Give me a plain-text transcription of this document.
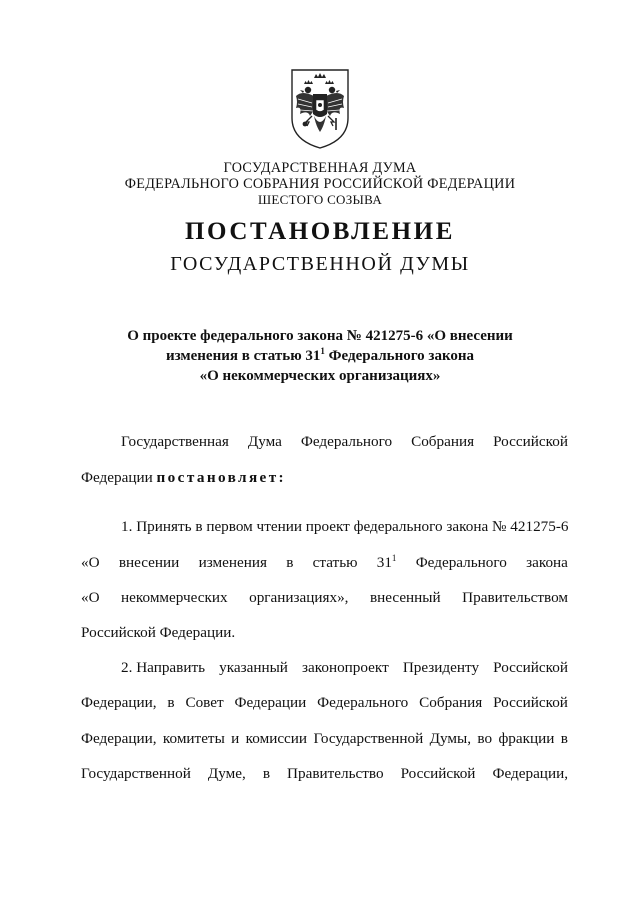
ГОСУДАРСТВЕННАЯ ДУМА
ФЕДЕРАЛЬНОГО СОБРАНИЯ РОССИЙСКОЙ ФЕДЕРАЦИИ
ШЕСТОГО СОЗЫВА
ПОСТАНОВЛЕНИЕ
ГОСУДАРСТВЕННОЙ ДУМЫ
О проекте федерального закона № 421275-6 «О внесении
изменения в статью $31^1$ Федерального закона
«О некоммерческих организациях»
Государственная Дума Федерального Собрания Российской
Федерации постановляет:
1. Принять в первом чтении проект федерального закона № 421275-6
«О внесении изменения в статью $31^1$ Федерального закона
«О некоммерческих организациях», внесенный Правительством
Российской Федерации.
2. Направить указанный законопроект Президенту Российской
Федерации, в Совет Федерации Федерального Собрания Российской
Федерации, комитеты и комиссии Государственной Думы, во фракции в
Государственной Думе, в Правительство Российской Федерации,
